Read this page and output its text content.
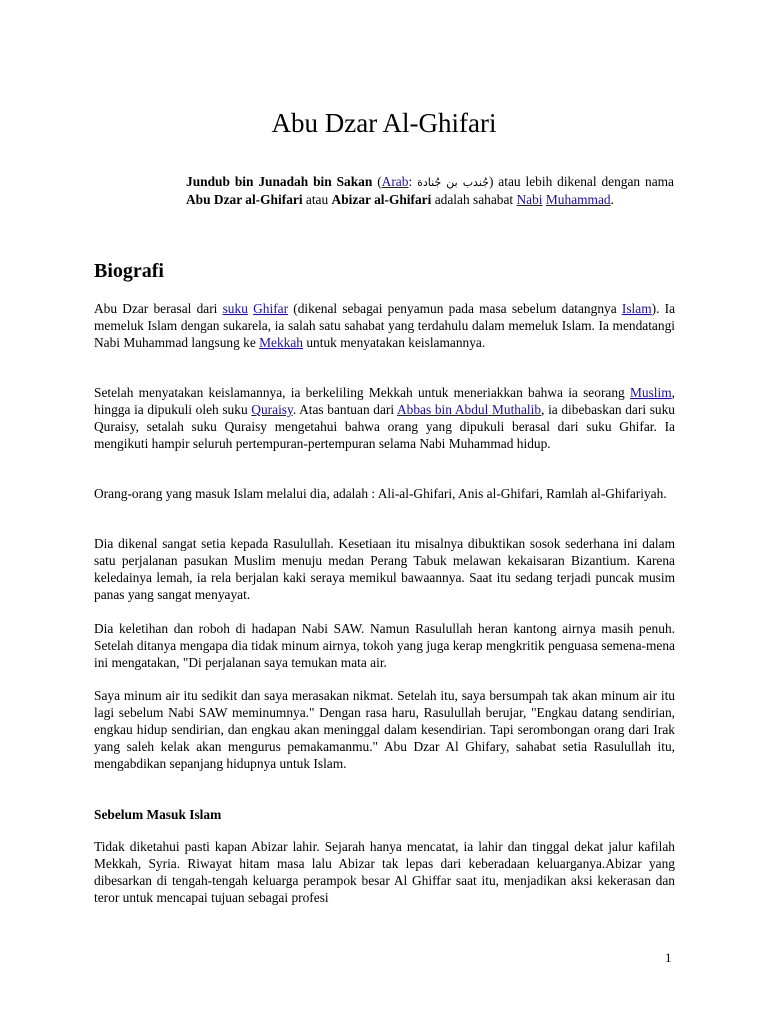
Abu Dzar Al-Ghifari

Jundub bin Junadah bin Sakan (Arab: جُندب بن جُنادة) atau lebih dikenal dengan nama Abu Dzar al-Ghifari atau Abizar al-Ghifari adalah sahabat Nabi Muhammad.

Biografi

Abu Dzar berasal dari suku Ghifar (dikenal sebagai penyamun pada masa sebelum datangnya Islam). Ia memeluk Islam dengan sukarela, ia salah satu sahabat yang terdahulu dalam memeluk Islam. Ia mendatangi Nabi Muhammad langsung ke Mekkah untuk menyatakan keislamannya.

Setelah menyatakan keislamannya, ia berkeliling Mekkah untuk meneriakkan bahwa ia seorang Muslim, hingga ia dipukuli oleh suku Quraisy. Atas bantuan dari Abbas bin Abdul Muthalib, ia dibebaskan dari suku Quraisy, setalah suku Quraisy mengetahui bahwa orang yang dipukuli berasal dari suku Ghifar. Ia mengikuti hampir seluruh pertempuran-pertempuran selama Nabi Muhammad hidup.

Orang-orang yang masuk Islam melalui dia, adalah : Ali-al-Ghifari, Anis al-Ghifari, Ramlah al-Ghifariyah.

Dia dikenal sangat setia kepada Rasulullah. Kesetiaan itu misalnya dibuktikan sosok sederhana ini dalam satu perjalanan pasukan Muslim menuju medan Perang Tabuk melawan kekaisaran Bizantium. Karena keledainya lemah, ia rela berjalan kaki seraya memikul bawaannya. Saat itu sedang terjadi puncak musim panas yang sangat menyayat.

Dia keletihan dan roboh di hadapan Nabi SAW. Namun Rasulullah heran kantong airnya masih penuh. Setelah ditanya mengapa dia tidak minum airnya, tokoh yang juga kerap mengkritik penguasa semena-mena ini mengatakan, "Di perjalanan saya temukan mata air.

Saya minum air itu sedikit dan saya merasakan nikmat. Setelah itu, saya bersumpah tak akan minum air itu lagi sebelum Nabi SAW meminumnya." Dengan rasa haru, Rasulullah berujar, "Engkau datang sendirian, engkau hidup sendirian, dan engkau akan meninggal dalam kesendirian. Tapi serombongan orang dari Irak yang saleh kelak akan mengurus pemakamanmu." Abu Dzar Al Ghifary, sahabat setia Rasulullah itu, mengabdikan sepanjang hidupnya untuk Islam.

Sebelum Masuk Islam

Tidak diketahui pasti kapan Abizar lahir. Sejarah hanya mencatat, ia lahir dan tinggal dekat jalur kafilah Mekkah, Syria. Riwayat hitam masa lalu Abizar tak lepas dari keberadaan keluarganya.Abizar yang dibesarkan di tengah-tengah keluarga perampok besar Al Ghiffar saat itu, menjadikan aksi kekerasan dan teror untuk mencapai tujuan sebagai profesi

1
